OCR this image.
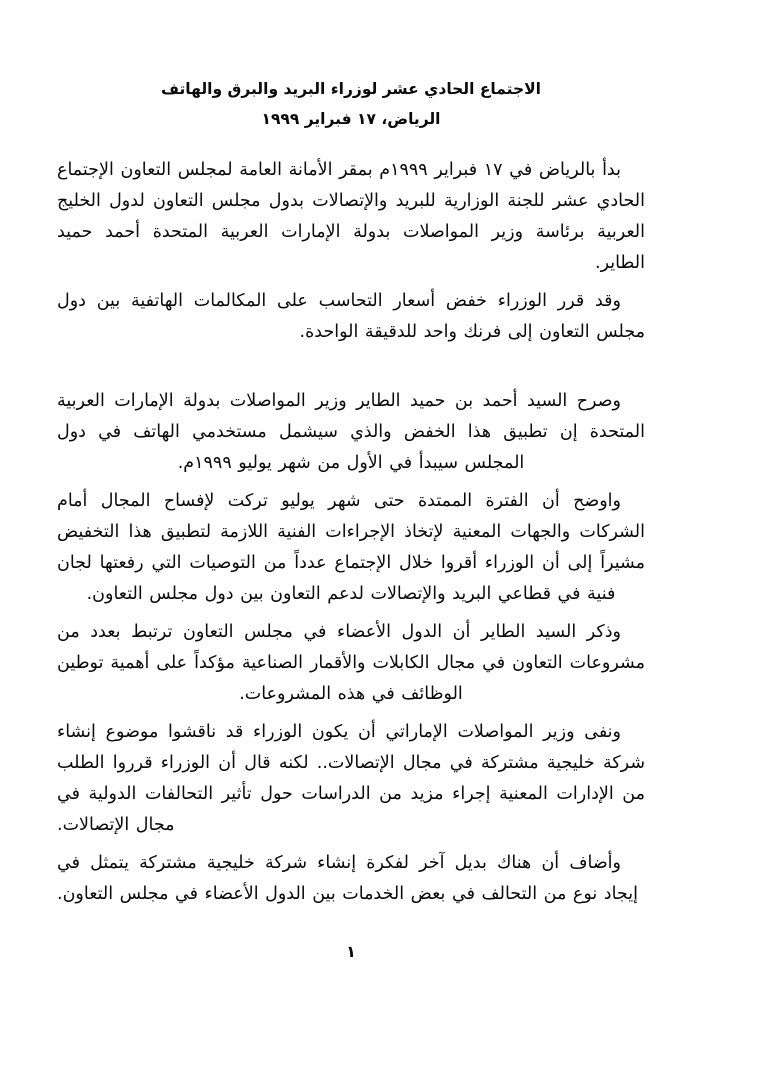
الاجتماع الحادي عشر لوزراء البريد والبرق والهاتف
الرياض، ١٧ فبراير ١٩٩٩

بدأ بالرياض في ١٧ فبراير ١٩٩٩م بمقر الأمانة العامة لمجلس التعاون الإجتماع الحادي عشر للجنة الوزارية للبريد والإتصالات بدول مجلس التعاون لدول الخليج العربية برئاسة وزير المواصلات بدولة الإمارات العربية المتحدة أحمد حميد الطاير.

وقد قرر الوزراء خفض أسعار التحاسب على المكالمات الهاتفية بين دول مجلس التعاون إلى فرنك واحد للدقيقة الواحدة.

وصرح السيد أحمد بن حميد الطاير وزير المواصلات بدولة الإمارات العربية المتحدة إن تطبيق هذا الخفض والذي سيشمل مستخدمي الهاتف في دول المجلس سيبدأ في الأول من شهر يوليو ١٩٩٩م.

واوضح أن الفترة الممتدة حتى شهر يوليو تركت لإفساح المجال أمام الشركات والجهات المعنية لإتخاذ الإجراءات الفنية اللازمة لتطبيق هذا التخفيض مشيراً إلى أن الوزراء أقروا خلال الإجتماع عدداً من التوصيات التي رفعتها لجان فنية في قطاعي البريد والإتصالات لدعم التعاون بين دول مجلس التعاون.

وذكر السيد الطاير أن الدول الأعضاء في مجلس التعاون ترتبط بعدد من مشروعات التعاون في مجال الكابلات والأقمار الصناعية مؤكداً على أهمية توطين الوظائف في هذه المشروعات.

ونفى وزير المواصلات الإماراتي أن يكون الوزراء قد ناقشوا موضوع إنشاء شركة خليجية مشتركة في مجال الإتصالات.. لكنه قال أن الوزراء قرروا الطلب من الإدارات المعنية إجراء مزيد من الدراسات حول تأثير التحالفات الدولية في مجال الإتصالات.

وأضاف أن هناك بديل آخر لفكرة إنشاء شركة خليجية مشتركة يتمثل في إيجاد نوع من التحالف في بعض الخدمات بين الدول الأعضاء في مجلس التعاون.

١
